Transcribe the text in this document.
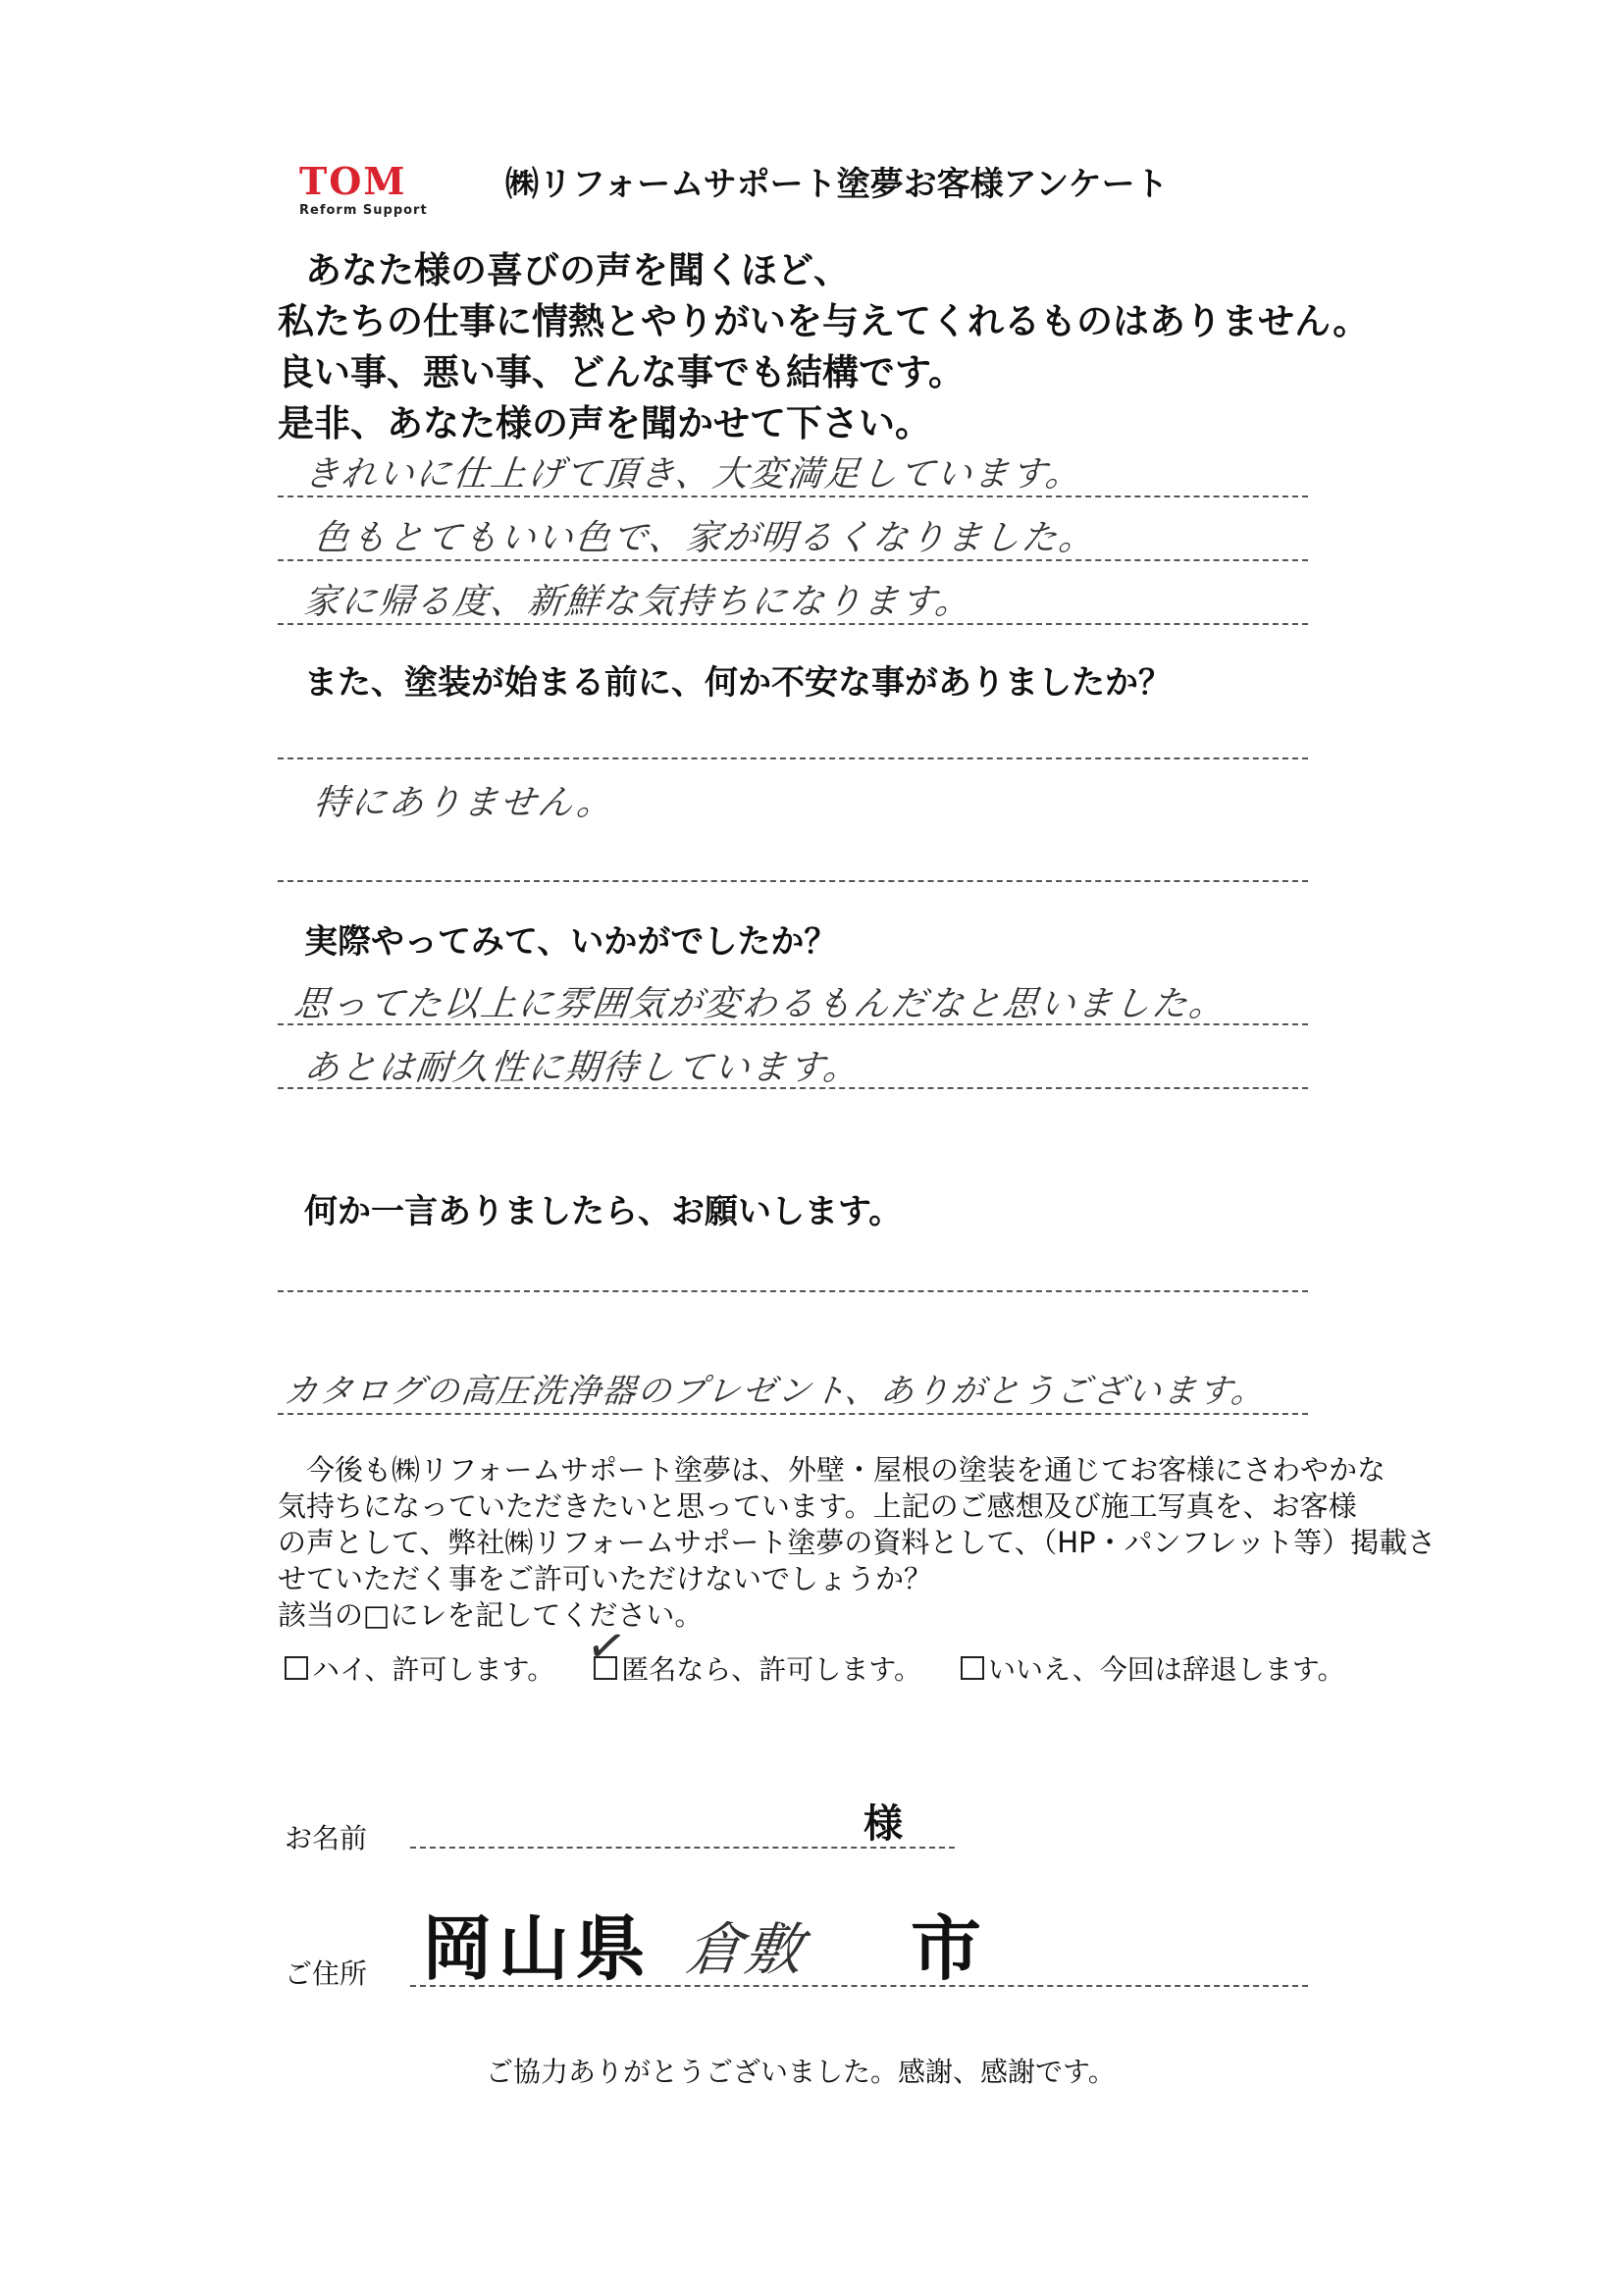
TOM
Reform Support
㈱リフォームサポート塗夢お客様アンケート
あなた様の喜びの声を聞くほど、
私たちの仕事に情熱とやりがいを与えてくれるものはありません。
良い事、悪い事、どんな事でも結構です。
是非、あなた様の声を聞かせて下さい。
きれいに仕上げて頂き、大変満足しています。
色もとてもいい色で、家が明るくなりました。
家に帰る度、新鮮な気持ちになります。
また、塗装が始まる前に、何か不安な事がありましたか？
特にありません。
実際やってみて、いかがでしたか？
思ってた以上に雰囲気が変わるもんだなと思いました。
あとは耐久性に期待しています。
何か一言ありましたら、お願いします。
カタログの高圧洗浄器のプレゼント、ありがとうございます。
　今後も㈱リフォームサポート塗夢は、外壁・屋根の塗装を通じてお客様にさわやかな
気持ちになっていただきたいと思っています。上記のご感想及び施工写真を、お客様
の声として、弊社㈱リフォームサポート塗夢の資料として、（HP・パンフレット等）掲載さ
せていただく事をご許可いただけないでしょうか？
該当の□にレを記してください。
ハイ、許可します。 匿名なら、許可します。 いいえ、今回は辞退します。
✓
お名前	様
ご住所 岡山県 倉敷 市
ご協力ありがとうございました。感謝、感謝です。
